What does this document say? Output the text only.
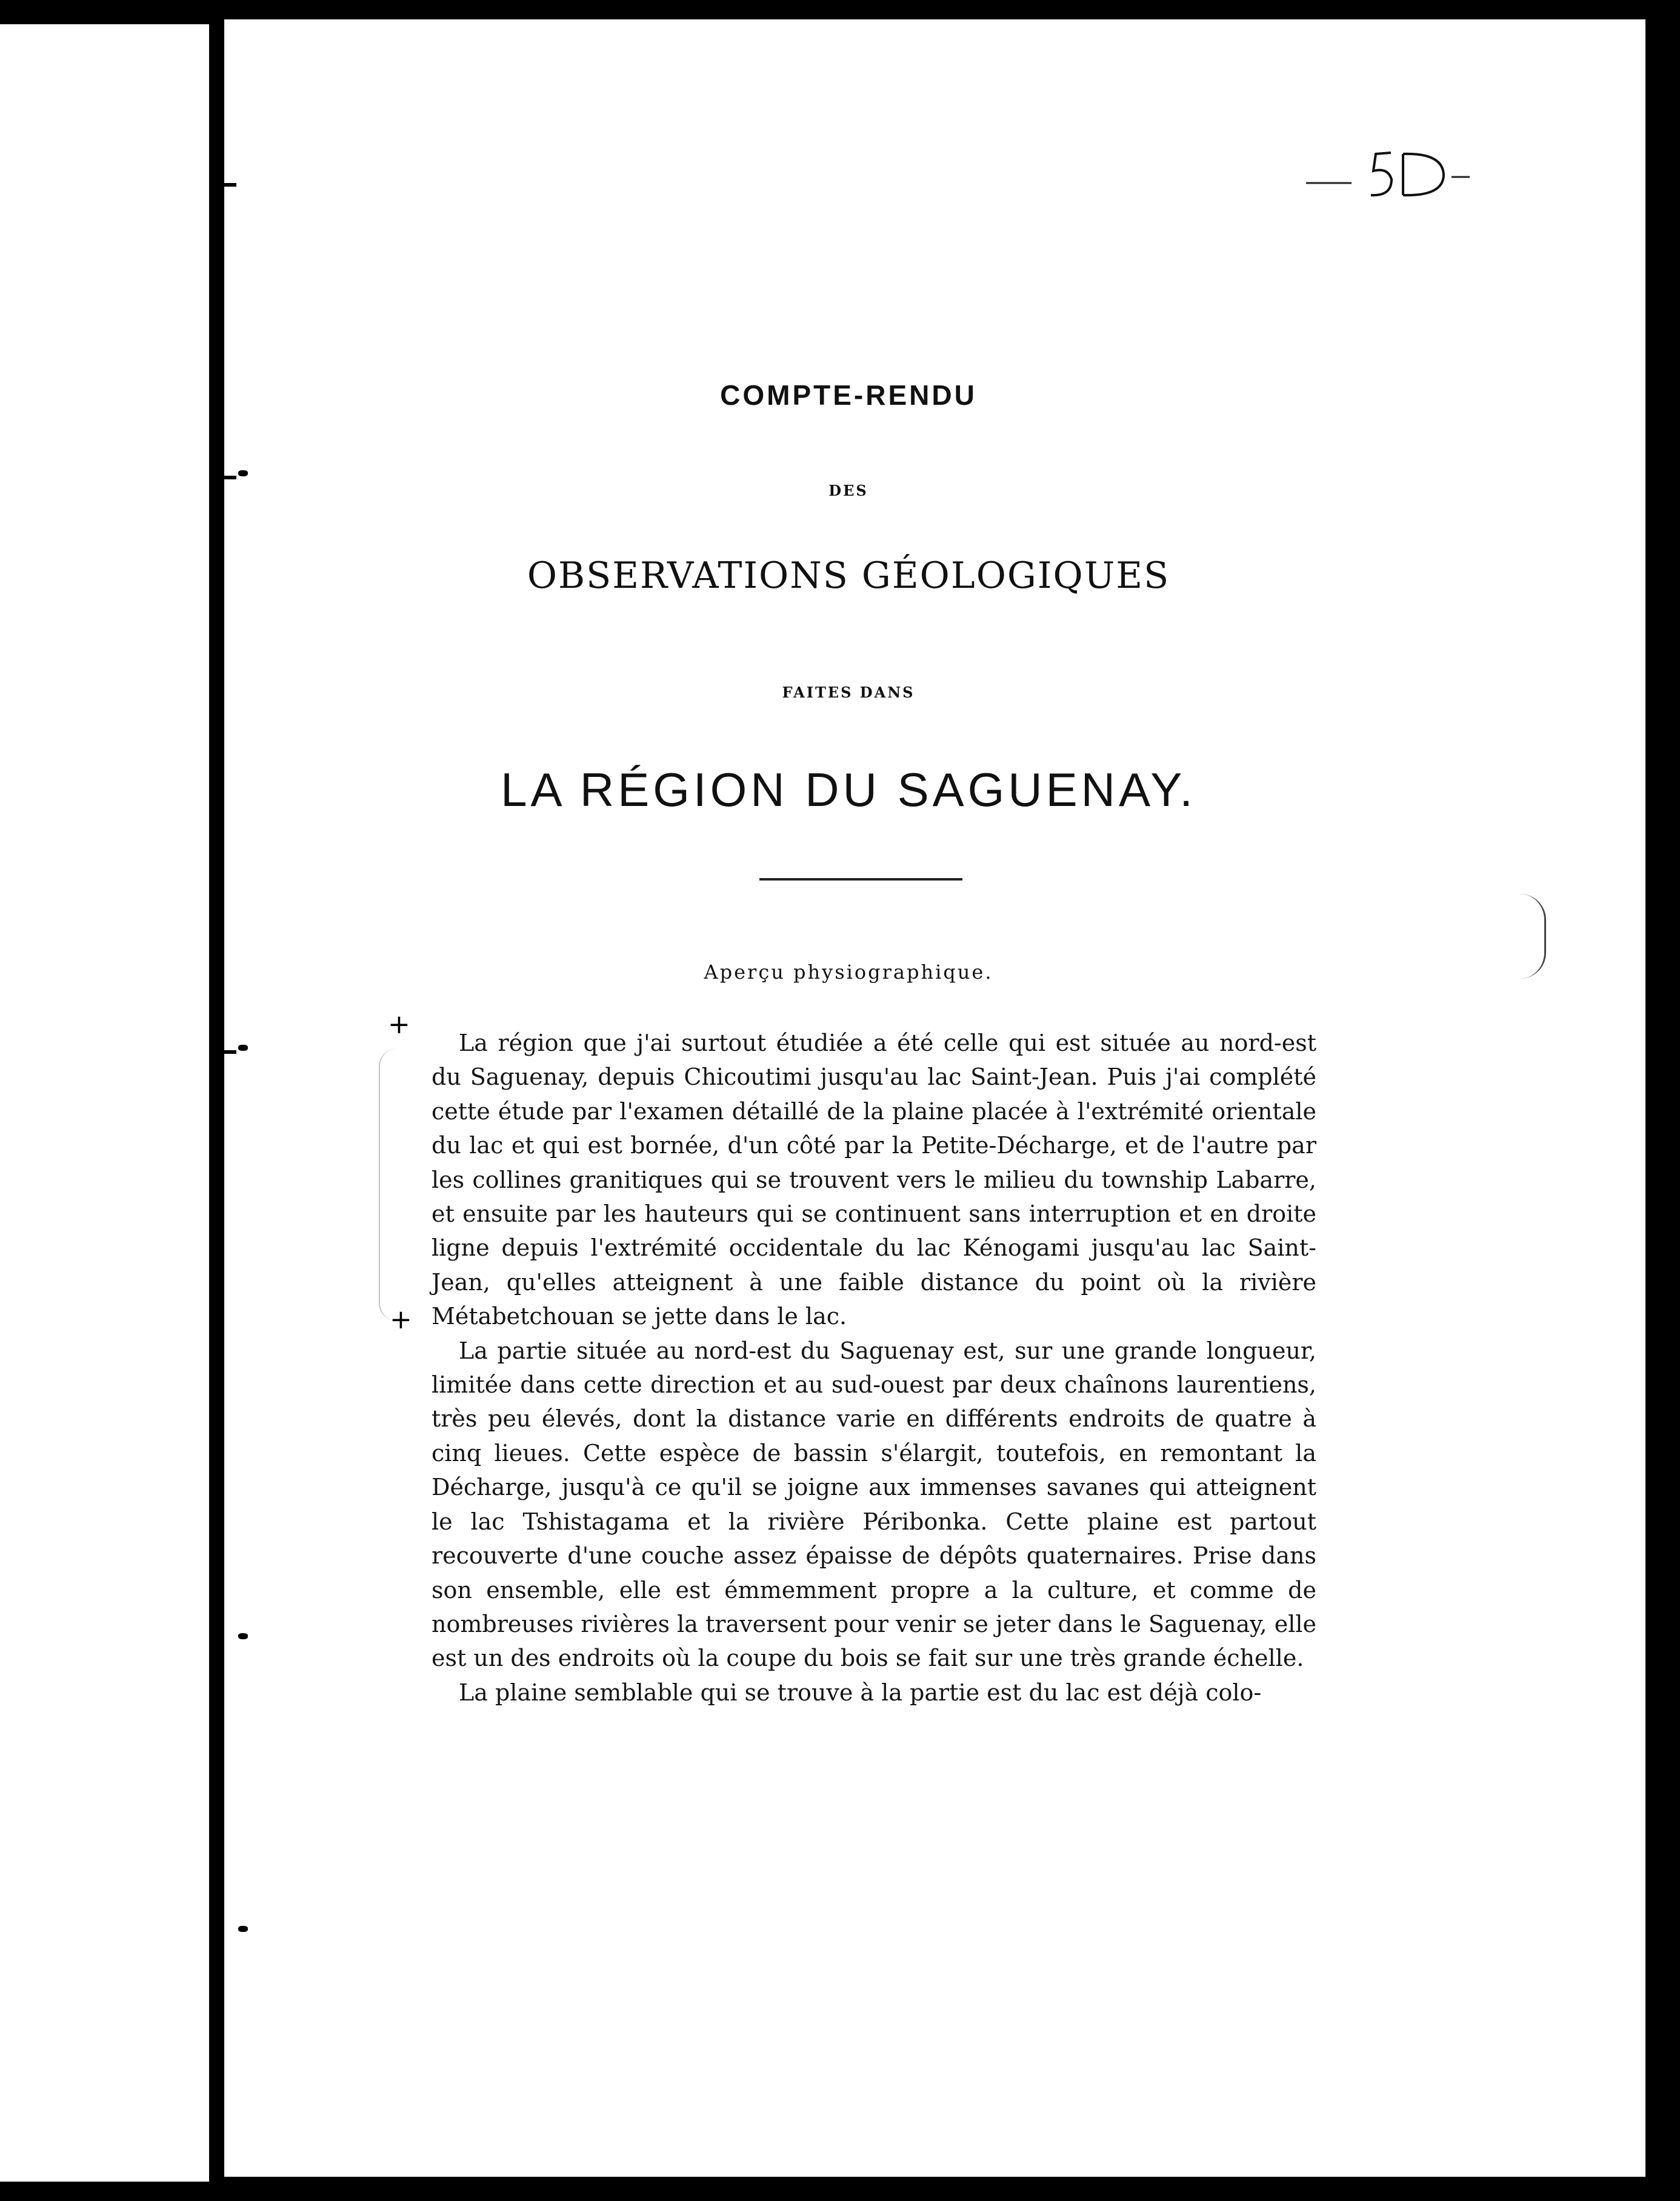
COMPTE-RENDU
DES
OBSERVATIONS GÉOLOGIQUES
FAITES DANS
LA RÉGION DU SAGUENAY.
Aperçu physiographique.
+
+

La région que j'ai surtout étudiée a été celle qui est située au nord-est du Saguenay, depuis Chicoutimi jusqu'au lac Saint-Jean. Puis j'ai complété cette étude par l'examen détaillé de la plaine placée à l'extrémité orientale du lac et qui est bornée, d'un côté par la Petite-Décharge, et de l'autre par les collines granitiques qui se trouvent vers le milieu du township Labarre, et ensuite par les hauteurs qui se continuent sans interruption et en droite ligne depuis l'extrémité occidentale du lac Kénogami jusqu'au lac Saint-Jean, qu'elles atteignent à une faible distance du point où la rivière Métabetchouan se jette dans le lac.

La partie située au nord-est du Saguenay est, sur une grande longueur, limitée dans cette direction et au sud-ouest par deux chaînons laurentiens, très peu élevés, dont la distance varie en différents endroits de quatre à cinq lieues. Cette espèce de bassin s'élargit, toutefois, en remontant la Décharge, jusqu'à ce qu'il se joigne aux immenses savanes qui atteignent le lac Tshistagama et la rivière Péribonka. Cette plaine est partout recouverte d'une couche assez épaisse de dépôts quaternaires. Prise dans son ensemble, elle est émmemment propre a la culture, et comme de nombreuses rivières la traversent pour venir se jeter dans le Saguenay, elle est un des endroits où la coupe du bois se fait sur une très grande échelle.

La plaine semblable qui se trouve à la partie est du lac est déjà colo-
